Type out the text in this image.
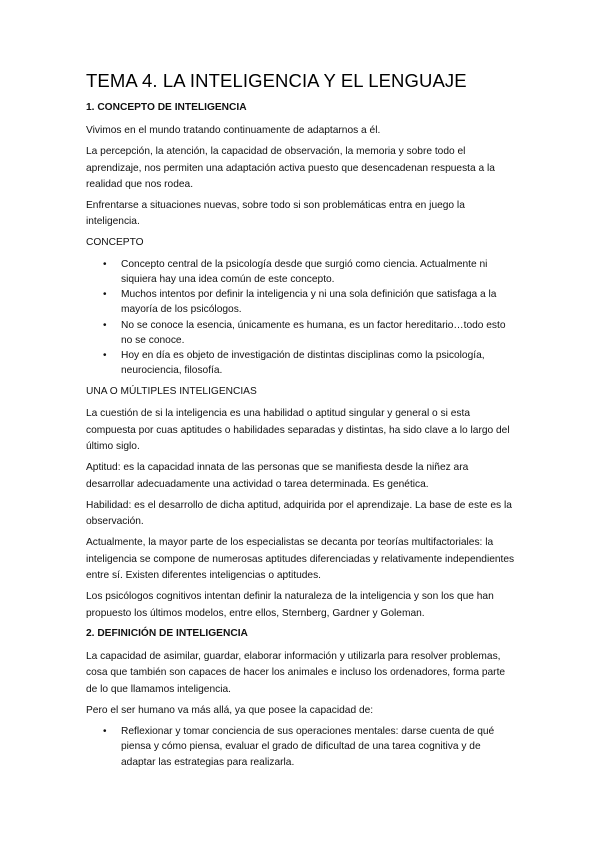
TEMA 4. LA INTELIGENCIA Y EL LENGUAJE
1. CONCEPTO DE INTELIGENCIA

Vivimos en el mundo tratando continuamente de adaptarnos a él.

La percepción, la atención, la capacidad de observación, la memoria y sobre todo el aprendizaje, nos permiten una adaptación activa puesto que desencadenan respuesta a la realidad que nos rodea.

Enfrentarse a situaciones nuevas, sobre todo si son problemáticas entra en juego la inteligencia.

CONCEPTO
• Concepto central de la psicología desde que surgió como ciencia. Actualmente ni siquiera hay una idea común de este concepto.
• Muchos intentos por definir la inteligencia y ni una sola definición que satisfaga a la mayoría de los psicólogos.
• No se conoce la esencia, únicamente es humana, es un factor hereditario…todo esto no se conoce.
• Hoy en día es objeto de investigación de distintas disciplinas como la psicología, neurociencia, filosofía.
UNA O MÚLTIPLES INTELIGENCIAS

La cuestión de si la inteligencia es una habilidad o aptitud singular y general o si esta compuesta por cuas aptitudes o habilidades separadas y distintas, ha sido clave a lo largo del último siglo.

Aptitud: es la capacidad innata de las personas que se manifiesta desde la niñez ara desarrollar adecuadamente una actividad o tarea determinada. Es genética.

Habilidad: es el desarrollo de dicha aptitud, adquirida por el aprendizaje. La base de este es la observación.

Actualmente, la mayor parte de los especialistas se decanta por teorías multifactoriales: la inteligencia se compone de numerosas aptitudes diferenciadas y relativamente independientes entre sí. Existen diferentes inteligencias o aptitudes.

Los psicólogos cognitivos intentan definir la naturaleza de la inteligencia y son los que han propuesto los últimos modelos, entre ellos, Sternberg, Gardner y Goleman.

2. DEFINICIÓN DE INTELIGENCIA

La capacidad de asimilar, guardar, elaborar información y utilizarla para resolver problemas, cosa que también son capaces de hacer los animales e incluso los ordenadores, forma parte de lo que llamamos inteligencia.

Pero el ser humano va más allá, ya que posee la capacidad de:

• Reflexionar y tomar conciencia de sus operaciones mentales: darse cuenta de qué piensa y cómo piensa, evaluar el grado de dificultad de una tarea cognitiva y de adaptar las estrategias para realizarla.
